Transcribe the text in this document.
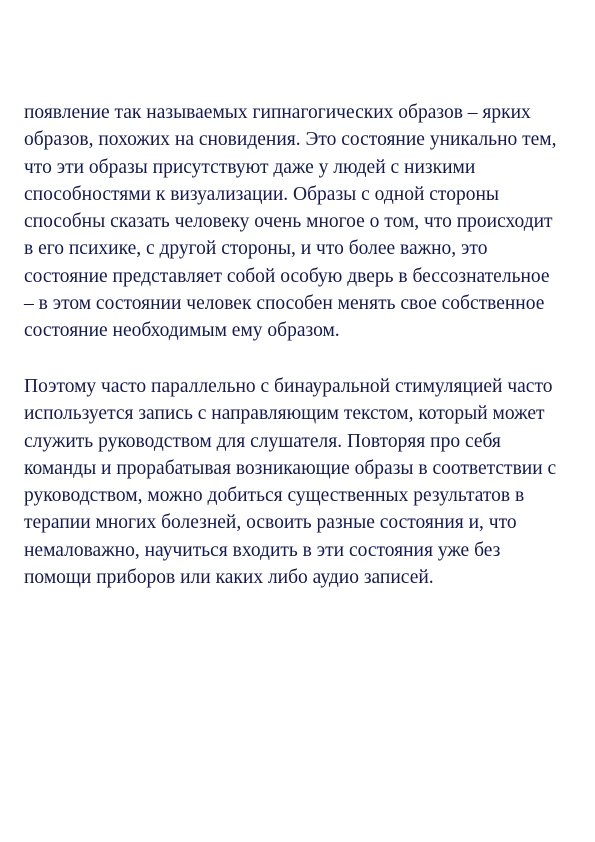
появление так называемых гипнагогических образов – ярких
образов, похожих на сновидения. Это состояние уникально тем,
что эти образы присутствуют даже у людей с низкими
способностями к визуализации. Образы с одной стороны
способны сказать человеку очень многое о том, что происходит
в его психике, с другой стороны, и что более важно, это
состояние представляет собой особую дверь в бессознательное
– в этом состоянии человек способен менять свое собственное
состояние необходимым ему образом.
Поэтому часто параллельно с бинауральной стимуляцией часто
используется запись с направляющим текстом, который может
служить руководством для слушателя. Повторяя про себя
команды и прорабатывая возникающие образы в соответствии с
руководством, можно добиться существенных результатов в
терапии многих болезней, освоить разные состояния и, что
немаловажно, научиться входить в эти состояния уже без
помощи приборов или каких либо аудио записей.
